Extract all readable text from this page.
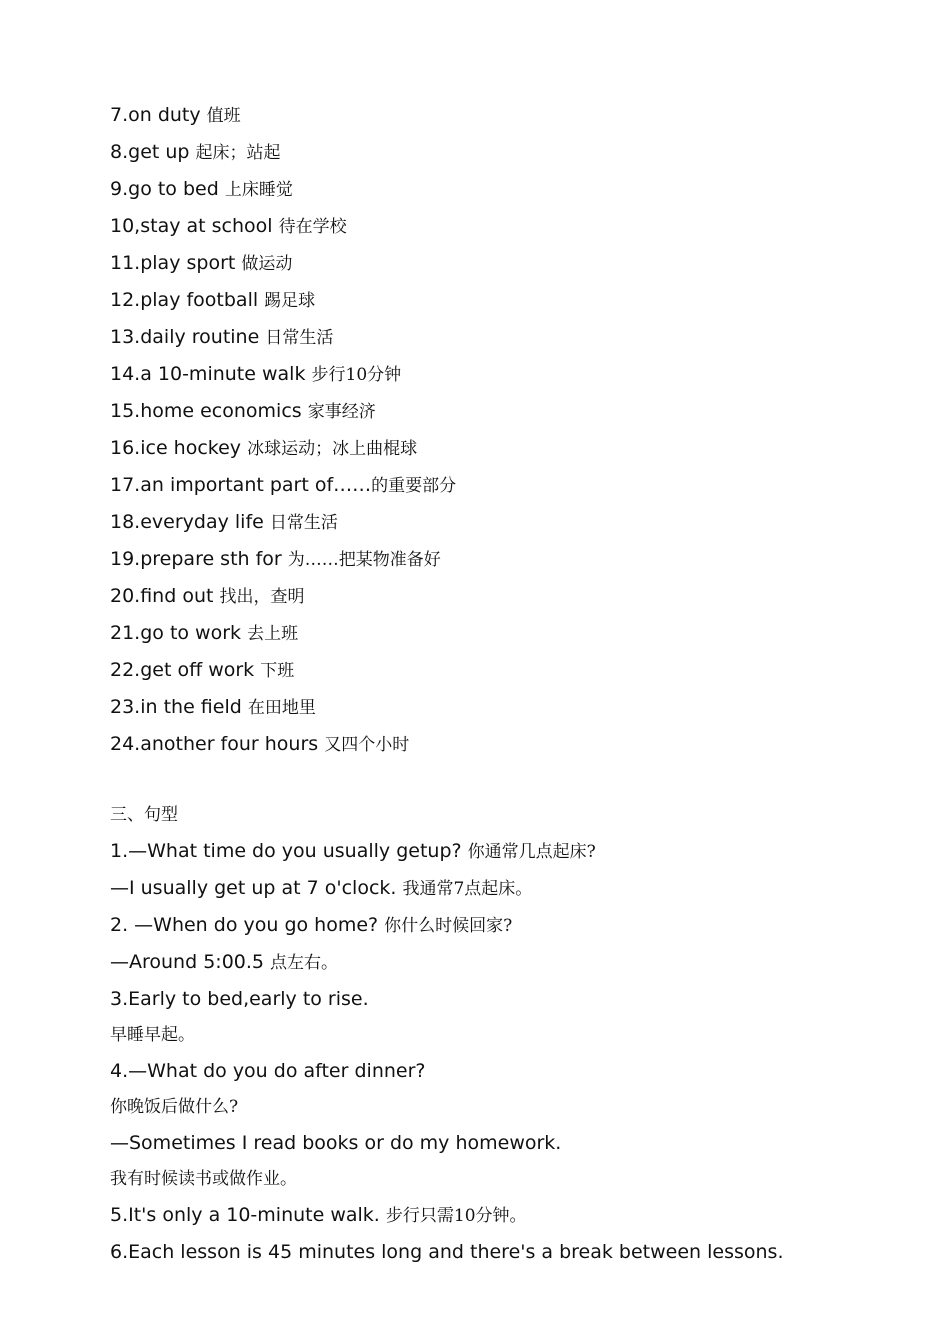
7.on duty 值班
8.get up 起床；站起
9.go to bed 上床睡觉
10,stay at school 待在学校
11.play sport 做运动
12.play football 踢足球
13.daily routine 日常生活
14.a 10-minute walk 步行10分钟
15.home economics 家事经济
16.ice hockey 冰球运动；冰上曲棍球
17.an important part of……的重要部分
18.everyday life 日常生活
19.prepare sth for 为……把某物准备好
20.find out 找出，查明
21.go to work 去上班
22.get off work 下班
23.in the field 在田地里
24.another four hours 又四个小时
三、句型
1.—What time do you usually getup? 你通常几点起床?
—I usually get up at 7 o'clock. 我通常7点起床。
2. —When do you go home? 你什么时候回家?
—Around 5:00.5 点左右。
3.Early to bed,early to rise.
早睡早起。
4.—What do you do after dinner?
你晚饭后做什么?
—Sometimes I read books or do my homework.
我有时候读书或做作业。
5.It's only a 10-minute walk. 步行只需10分钟。
6.Each lesson is 45 minutes long and there's a break between lessons.
